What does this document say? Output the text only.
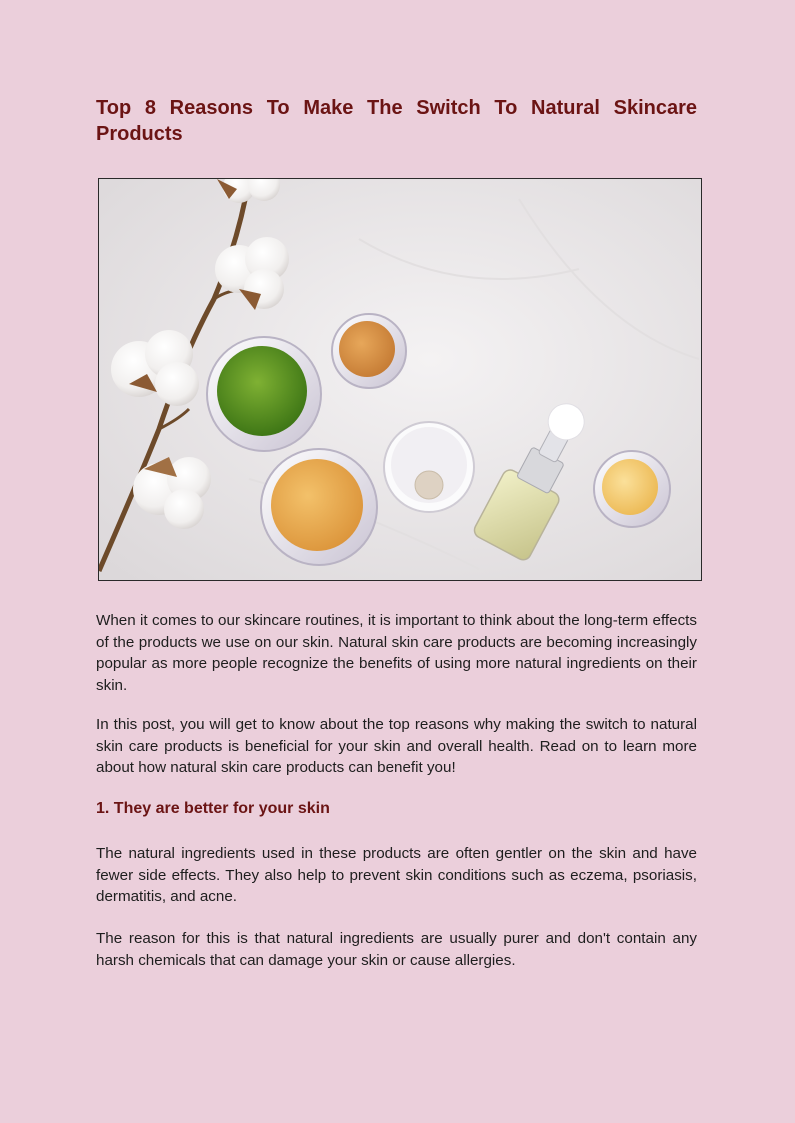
Top 8 Reasons To Make The Switch To Natural Skincare Products

When it comes to our skincare routines, it is important to think about the long-term effects of the products we use on our skin. Natural skin care products are becoming increasingly popular as more people recognize the benefits of using more natural ingredients on their skin.

In this post, you will get to know about the top reasons why making the switch to natural skin care products is beneficial for your skin and overall health. Read on to learn more about how natural skin care products can benefit you!

1. They are better for your skin

The natural ingredients used in these products are often gentler on the skin and have fewer side effects. They also help to prevent skin conditions such as eczema, psoriasis, dermatitis, and acne.

The reason for this is that natural ingredients are usually purer and don't contain any harsh chemicals that can damage your skin or cause allergies.
